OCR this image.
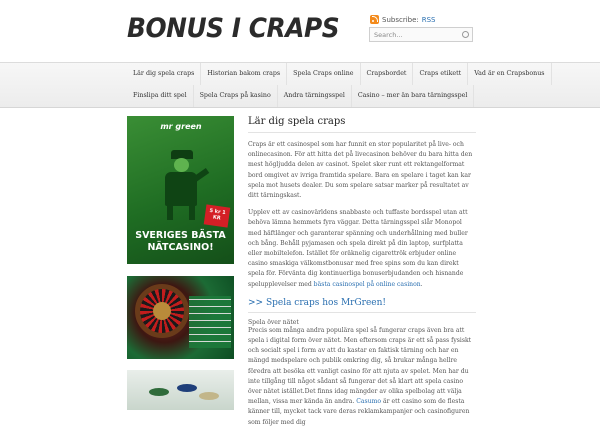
BONUS I CRAPS	Subscribe: RSS
Search...
Lär dig spela craps	Historian bakom craps	Spela Craps online	Crapsbordet	Craps etikett	Vad är en Crapsbonus
Finslipa ditt spel	Spela Craps på kasino	Andra tärningsspel	Casino – mer än bara tärningsspel
mr green
5 kr 1 KR
SVERIGES BÄSTA
NÄTCASINO!
Lär dig spela craps

Craps är ett casinospel som har funnit en stor popularitet på live- och onlinecasinon. För att hitta det på livecasinon behöver du bara hitta den mest högljudda delen av casinot. Spelet sker runt ett rektangelformat bord omgivet av ivriga framtida spelare. Bara en spelare i taget kan kar spela mot husets dealer. Du som spelare satsar marker på resultatet av ditt tärningskast.

Upplev ett av casinovärldens snabbaste och tuffaste bordsspel utan att behöva lämna hemmets fyra väggar. Detta tärningsspel slår Monopol med häftlänger och garanterar spänning och underhållning med buller och bång. Behåll pyjamasen och spela direkt på din laptop, surfplatta eller mobiltelefon. Istället för oräknelig cigarettrök erbjuder online casino smaskiga välkomstbonusar med free spins som du kan direkt spela för. Förvänta dig kontinuerliga bonuserbjudanden och hisnande spelupplevelser med bästa casinospel på online casinon.

>> Spela craps hos MrGreen!
Spela över nätet

Precis som många andra populära spel så fungerar craps även bra att spela i digital form över nätet. Men eftersom craps är ett så pass fysiskt och socialt spel i form av att du kastar en faktisk tärning och har en mängd medspelare och publik omkring dig, så brukar många hellre föredra att besöka ett vanligt casino för att njuta av spelet. Men har du inte tillgång till något sådant så fungerar det så klart att spela casino över nätet istället.Det finns idag mängder av olika spelbolag att välja mellan, vissa mer kända än andra. Casumo är ett casino som de flesta känner till, mycket tack vare deras reklamkampanjer och casinofiguren som följer med dig
